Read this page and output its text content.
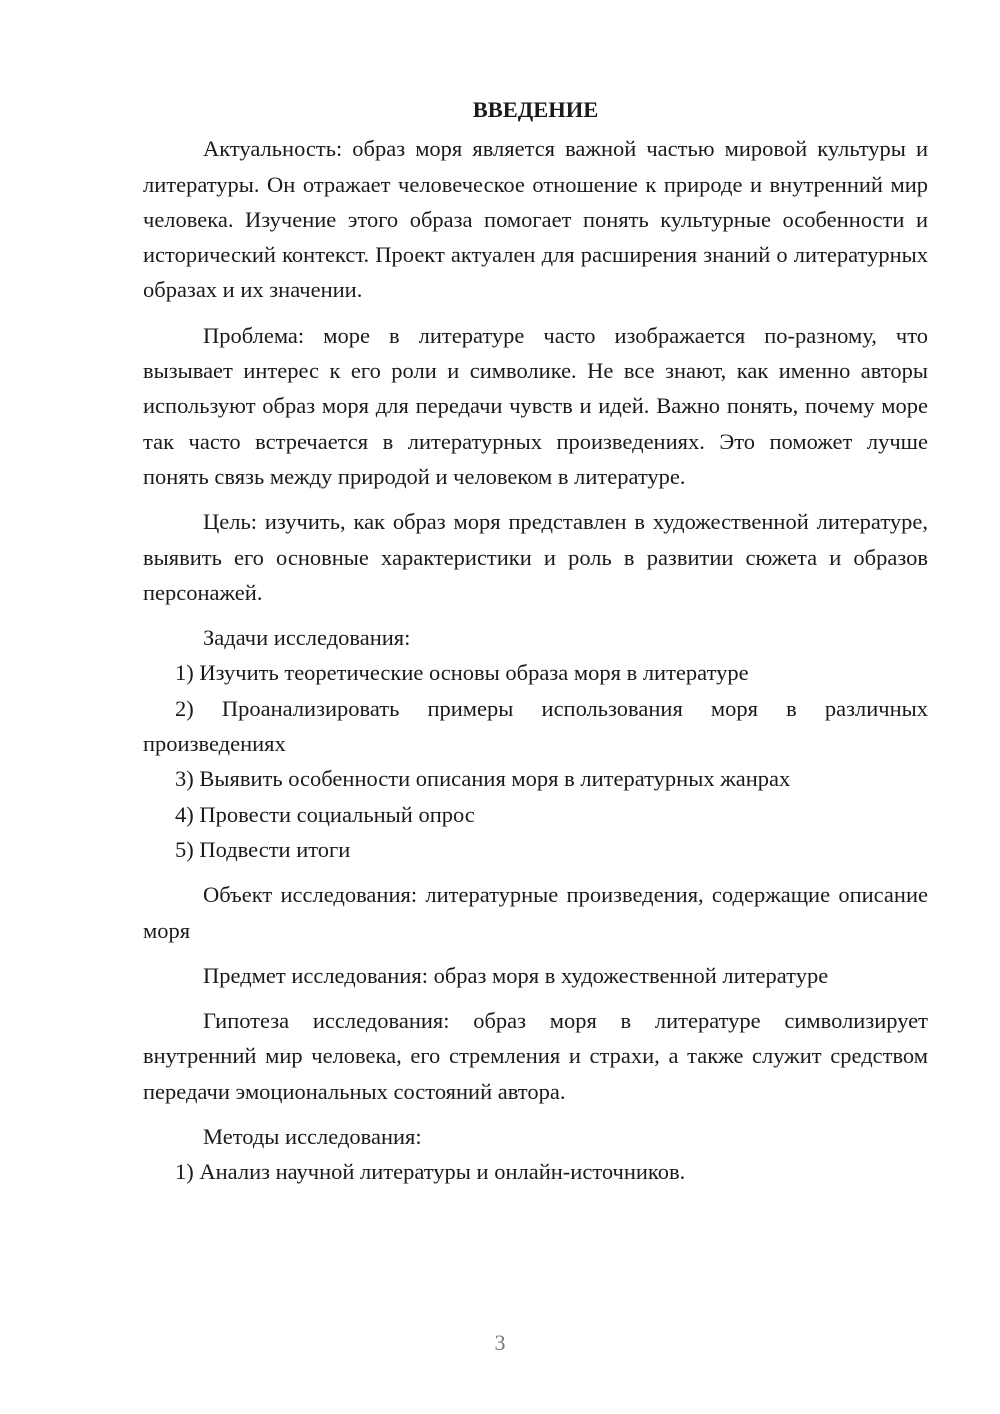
ВВЕДЕНИЕ

Актуальность: образ моря является важной частью мировой культуры и литературы. Он отражает человеческое отношение к природе и внутренний мир человека. Изучение этого образа помогает понять культурные особенности и исторический контекст. Проект актуален для расширения знаний о литературных образах и их значении.

Проблема: море в литературе часто изображается по-разному, что вызывает интерес к его роли и символике. Не все знают, как именно авторы используют образ моря для передачи чувств и идей. Важно понять, почему море так часто встречается в литературных произведениях. Это поможет лучше понять связь между природой и человеком в литературе.

Цель: изучить, как образ моря представлен в художественной литературе, выявить его основные характеристики и роль в развитии сюжета и образов персонажей.

Задачи исследования:

1) Изучить теоретические основы образа моря в литературе

2) Проанализировать примеры использования моря в различных произведениях

3) Выявить особенности описания моря в литературных жанрах

4) Провести социальный опрос

5) Подвести итоги

Объект исследования: литературные произведения, содержащие описание моря

Предмет исследования: образ моря в художественной литературе

Гипотеза исследования: образ моря в литературе символизирует внутренний мир человека, его стремления и страхи, а также служит средством передачи эмоциональных состояний автора.

Методы исследования:

1) Анализ научной литературы и онлайн-источников.

3
